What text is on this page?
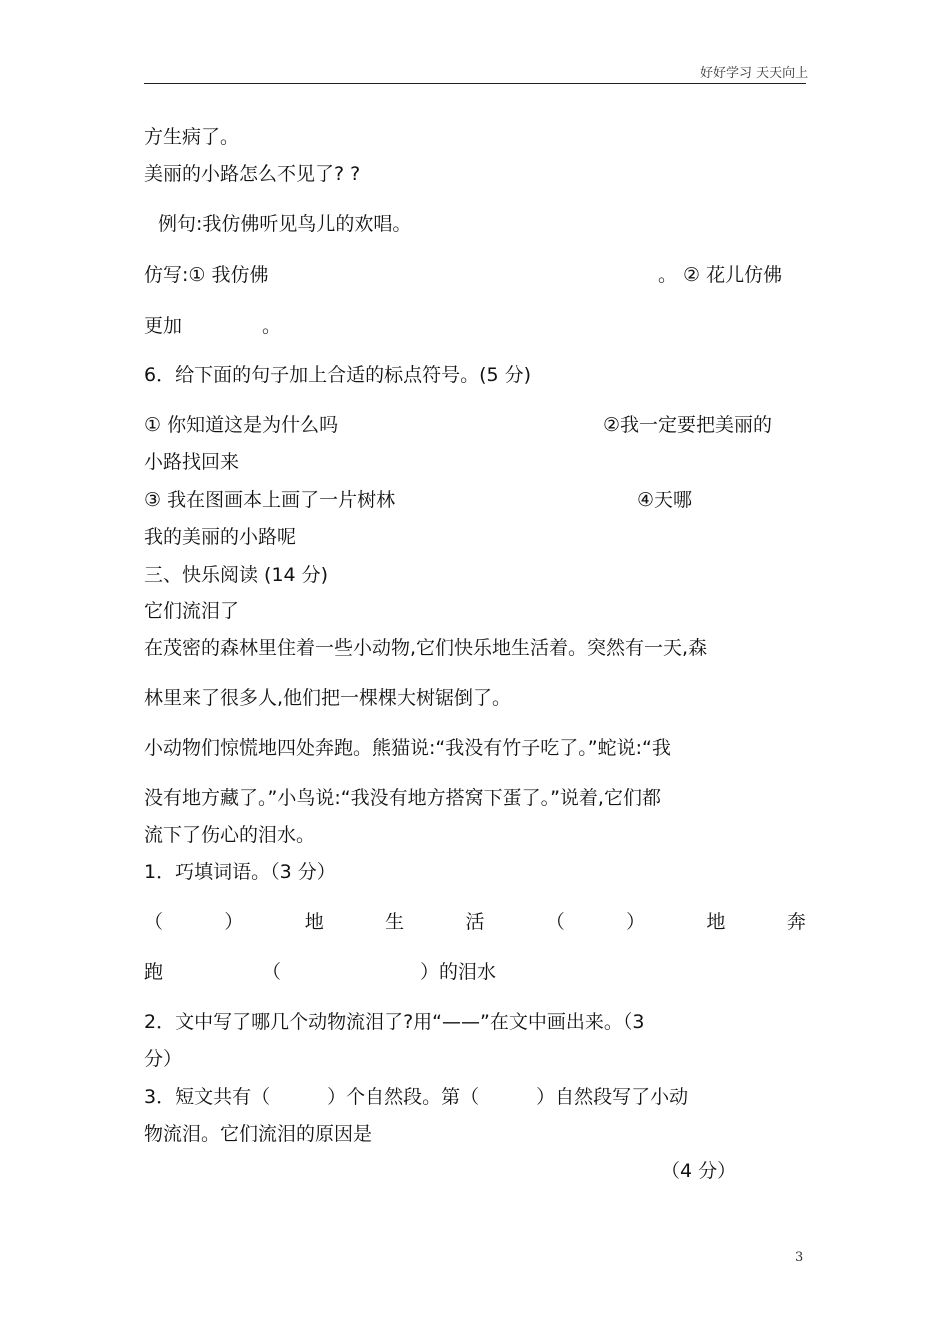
好好学习 天天向上
方生病了。
美丽的小路怎么不见了? ?
例句:我仿佛听见鸟儿的欢唱。
仿写:① 我仿佛	。 ② 花儿仿佛
更加	。
6．给下面的句子加上合适的标点符号。(5 分)
① 你知道这是为什么吗	②我一定要把美丽的
小路找回来
③ 我在图画本上画了一片树林	④天哪
我的美丽的小路呢
三、快乐阅读 (14 分)
它们流泪了
在茂密的森林里住着一些小动物,它们快乐地生活着。突然有一天,森
林里来了很多人,他们把一棵棵大树锯倒了。
小动物们惊慌地四处奔跑。熊猫说:“我没有竹子吃了。”蛇说:“我
没有地方藏了。”小鸟说:“我没有地方搭窝下蛋了。”说着,它们都
流下了伤心的泪水。
1．巧填词语。（3 分）
（	）	地	生	活	（	）	地	奔
跑	（	）的泪水
2．文中写了哪几个动物流泪了?用“——”在文中画出来。（3
分）
3．短文共有（　　　）个自然段。第（　　　）自然段写了小动
物流泪。它们流泪的原因是
（4 分）
3
